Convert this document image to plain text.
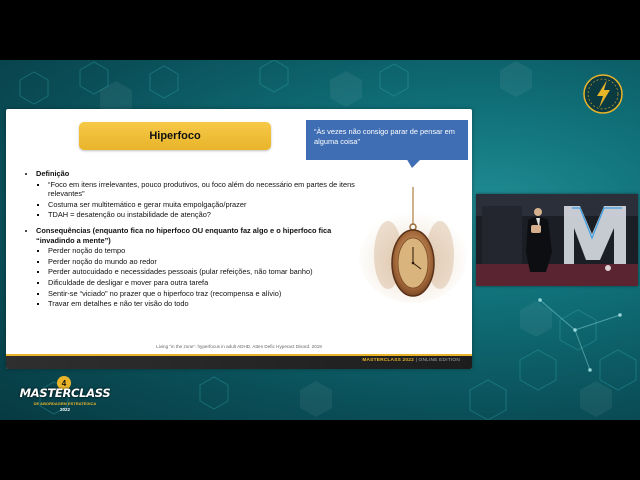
Hiperfoco	“Às vezes não consigo parar de pensar em alguma coisa”
• Definição
▪ “Foco em itens irrelevantes, pouco produtivos, ou foco além do necessário em partes de itens relevantes”
▪ Costuma ser multitemático e gerar muita empolgação/prazer
▪ TDAH = desatenção ou instabilidade de atenção?
• Consequências (enquanto fica no hiperfoco OU enquanto faz algo e o hiperfoco fica “invadindo a mente”)
▪ Perder noção do tempo
▪ Perder noção do mundo ao redor
▪ Perder autocuidado e necessidades pessoais (pular refeições, não tomar banho)
▪ Dificuldade de desligar e mover para outra tarefa
▪ Sentir-se “viciado” no prazer que o hiperfoco traz (recompensa e alívio)
▪ Travar em detalhes e não ter visão do todo
Living “in the zone”: hyperfocus in adult ADHD. Atten Defic Hyperact Disord. 2019
MASTERCLASS 2022 | ONLINE EDITION
4
MASTERCLASS
DE ABORDAGEM ESTRATÉGICA
2022
